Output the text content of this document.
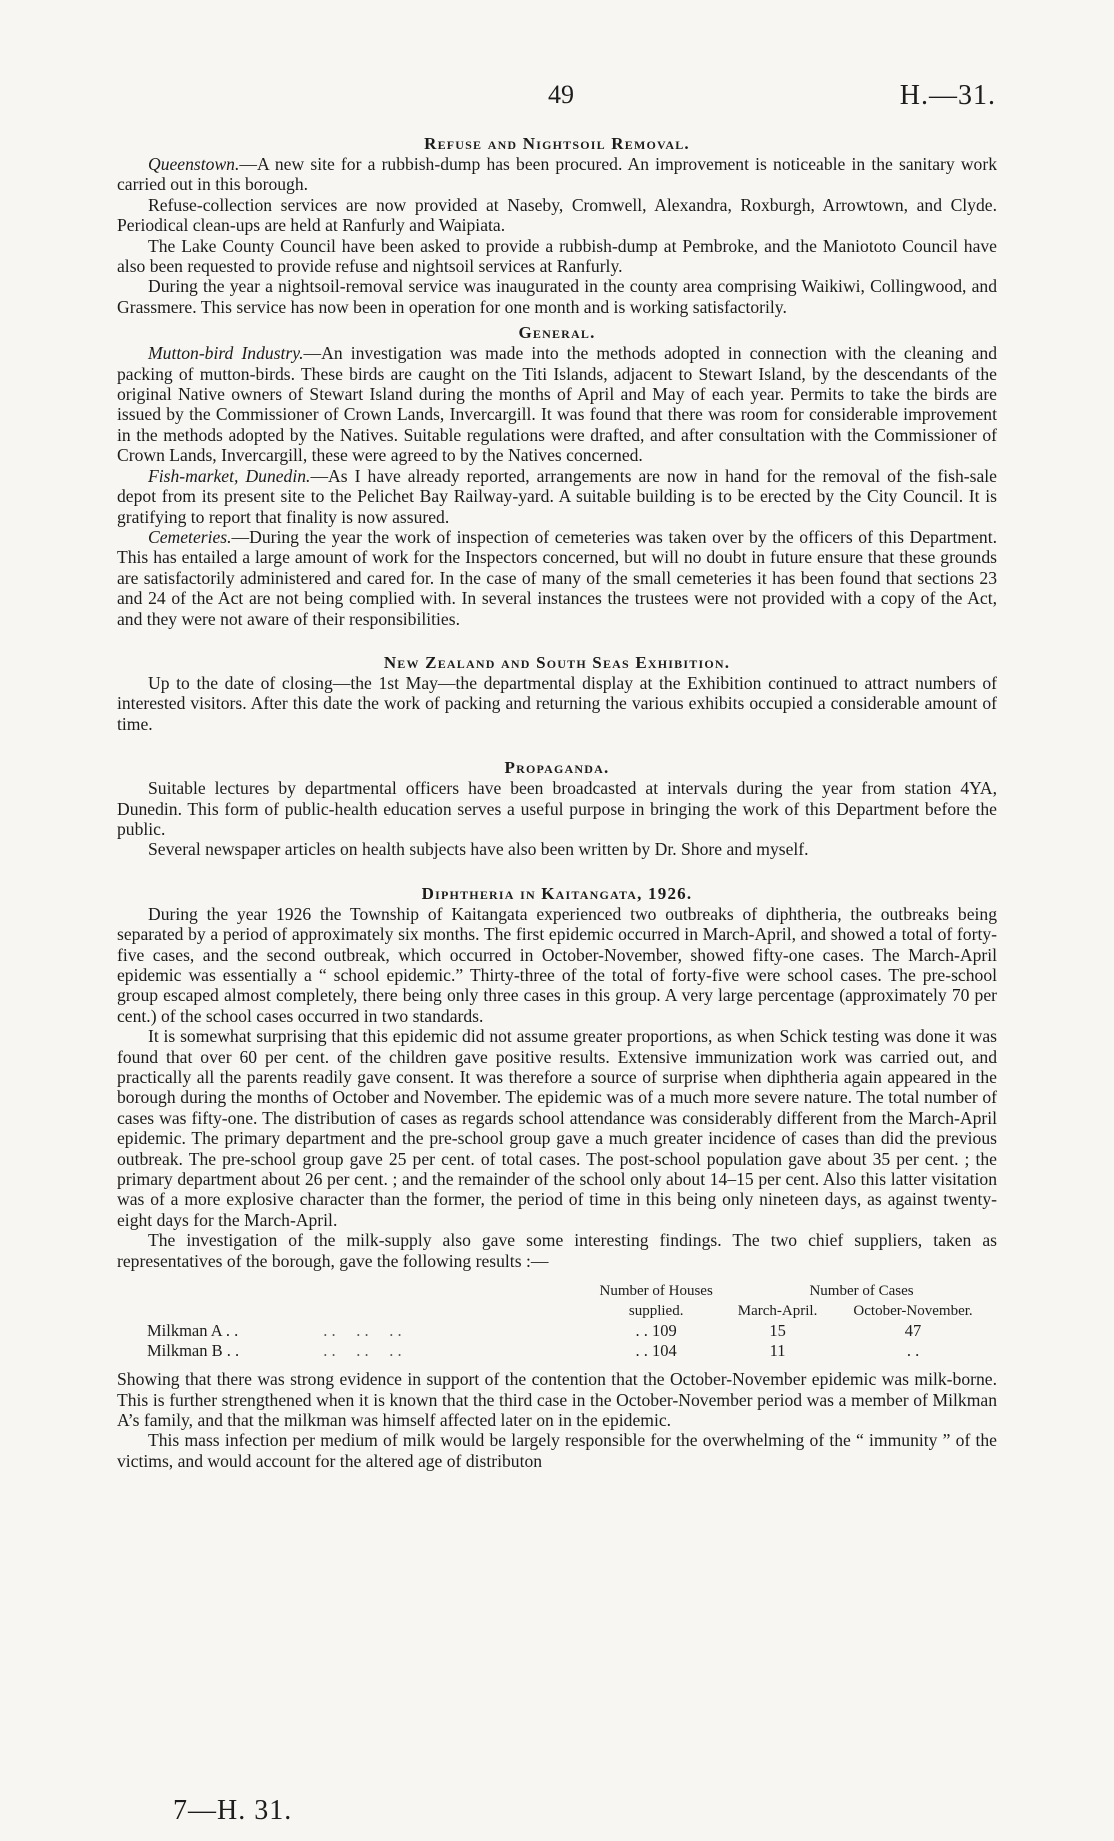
49	H.—31.
Refuse and Nightsoil Removal.

Queenstown.—A new site for a rubbish-dump has been procured. An improvement is noticeable in the sanitary work carried out in this borough.

Refuse-collection services are now provided at Naseby, Cromwell, Alexandra, Roxburgh, Arrowtown, and Clyde. Periodical clean-ups are held at Ranfurly and Waipiata.

The Lake County Council have been asked to provide a rubbish-dump at Pembroke, and the Maniototo Council have also been requested to provide refuse and nightsoil services at Ranfurly.

During the year a nightsoil-removal service was inaugurated in the county area comprising Waikiwi, Collingwood, and Grassmere. This service has now been in operation for one month and is working satisfactorily.

General.

Mutton-bird Industry.—An investigation was made into the methods adopted in connection with the cleaning and packing of mutton-birds. These birds are caught on the Titi Islands, adjacent to Stewart Island, by the descendants of the original Native owners of Stewart Island during the months of April and May of each year. Permits to take the birds are issued by the Commissioner of Crown Lands, Invercargill. It was found that there was room for considerable improvement in the methods adopted by the Natives. Suitable regulations were drafted, and after consultation with the Commissioner of Crown Lands, Invercargill, these were agreed to by the Natives concerned.

Fish-market, Dunedin.—As I have already reported, arrangements are now in hand for the removal of the fish-sale depot from its present site to the Pelichet Bay Railway-yard. A suitable building is to be erected by the City Council. It is gratifying to report that finality is now assured.

Cemeteries.—During the year the work of inspection of cemeteries was taken over by the officers of this Department. This has entailed a large amount of work for the Inspectors concerned, but will no doubt in future ensure that these grounds are satisfactorily administered and cared for. In the case of many of the small cemeteries it has been found that sections 23 and 24 of the Act are not being complied with. In several instances the trustees were not provided with a copy of the Act, and they were not aware of their responsibilities.

New Zealand and South Seas Exhibition.

Up to the date of closing—the 1st May—the departmental display at the Exhibition continued to attract numbers of interested visitors. After this date the work of packing and returning the various exhibits occupied a considerable amount of time.

Propaganda.

Suitable lectures by departmental officers have been broadcasted at intervals during the year from station 4YA, Dunedin. This form of public-health education serves a useful purpose in bringing the work of this Department before the public.

Several newspaper articles on health subjects have also been written by Dr. Shore and myself.

Diphtheria in Kaitangata, 1926.

During the year 1926 the Township of Kaitangata experienced two outbreaks of diphtheria, the outbreaks being separated by a period of approximately six months. The first epidemic occurred in March-April, and showed a total of forty-five cases, and the second outbreak, which occurred in October-November, showed fifty-one cases. The March-April epidemic was essentially a “ school epidemic.” Thirty-three of the total of forty-five were school cases. The pre-school group escaped almost completely, there being only three cases in this group. A very large percentage (approximately 70 per cent.) of the school cases occurred in two standards.

It is somewhat surprising that this epidemic did not assume greater proportions, as when Schick testing was done it was found that over 60 per cent. of the children gave positive results. Extensive immunization work was carried out, and practically all the parents readily gave consent. It was therefore a source of surprise when diphtheria again appeared in the borough during the months of October and November. The epidemic was of a much more severe nature. The total number of cases was fifty-one. The distribution of cases as regards school attendance was considerably different from the March-April epidemic. The primary department and the pre-school group gave a much greater incidence of cases than did the previous outbreak. The pre-school group gave 25 per cent. of total cases. The post-school population gave about 35 per cent. ; the primary department about 26 per cent. ; and the remainder of the school only about 14–15 per cent. Also this latter visitation was of a more explosive character than the former, the period of time in this being only nineteen days, as against twenty-eight days for the March-April.

The investigation of the milk-supply also gave some interesting findings. The two chief suppliers, taken as representatives of the borough, gave the following results :—

				Number of Houses	Number of Cases	
				supplied.	March-April.	October-November.
Milkman A . .	. .     . .     . .			. . 109	15	47
Milkman B . .	. .     . .     . .			. . 104	11	. .

Showing that there was strong evidence in support of the contention that the October-November epidemic was milk-borne. This is further strengthened when it is known that the third case in the October-November period was a member of Milkman A’s family, and that the milkman was himself affected later on in the epidemic.

This mass infection per medium of milk would be largely responsible for the overwhelming of the “ immunity ” of the victims, and would account for the altered age of distributon

7—H. 31.
